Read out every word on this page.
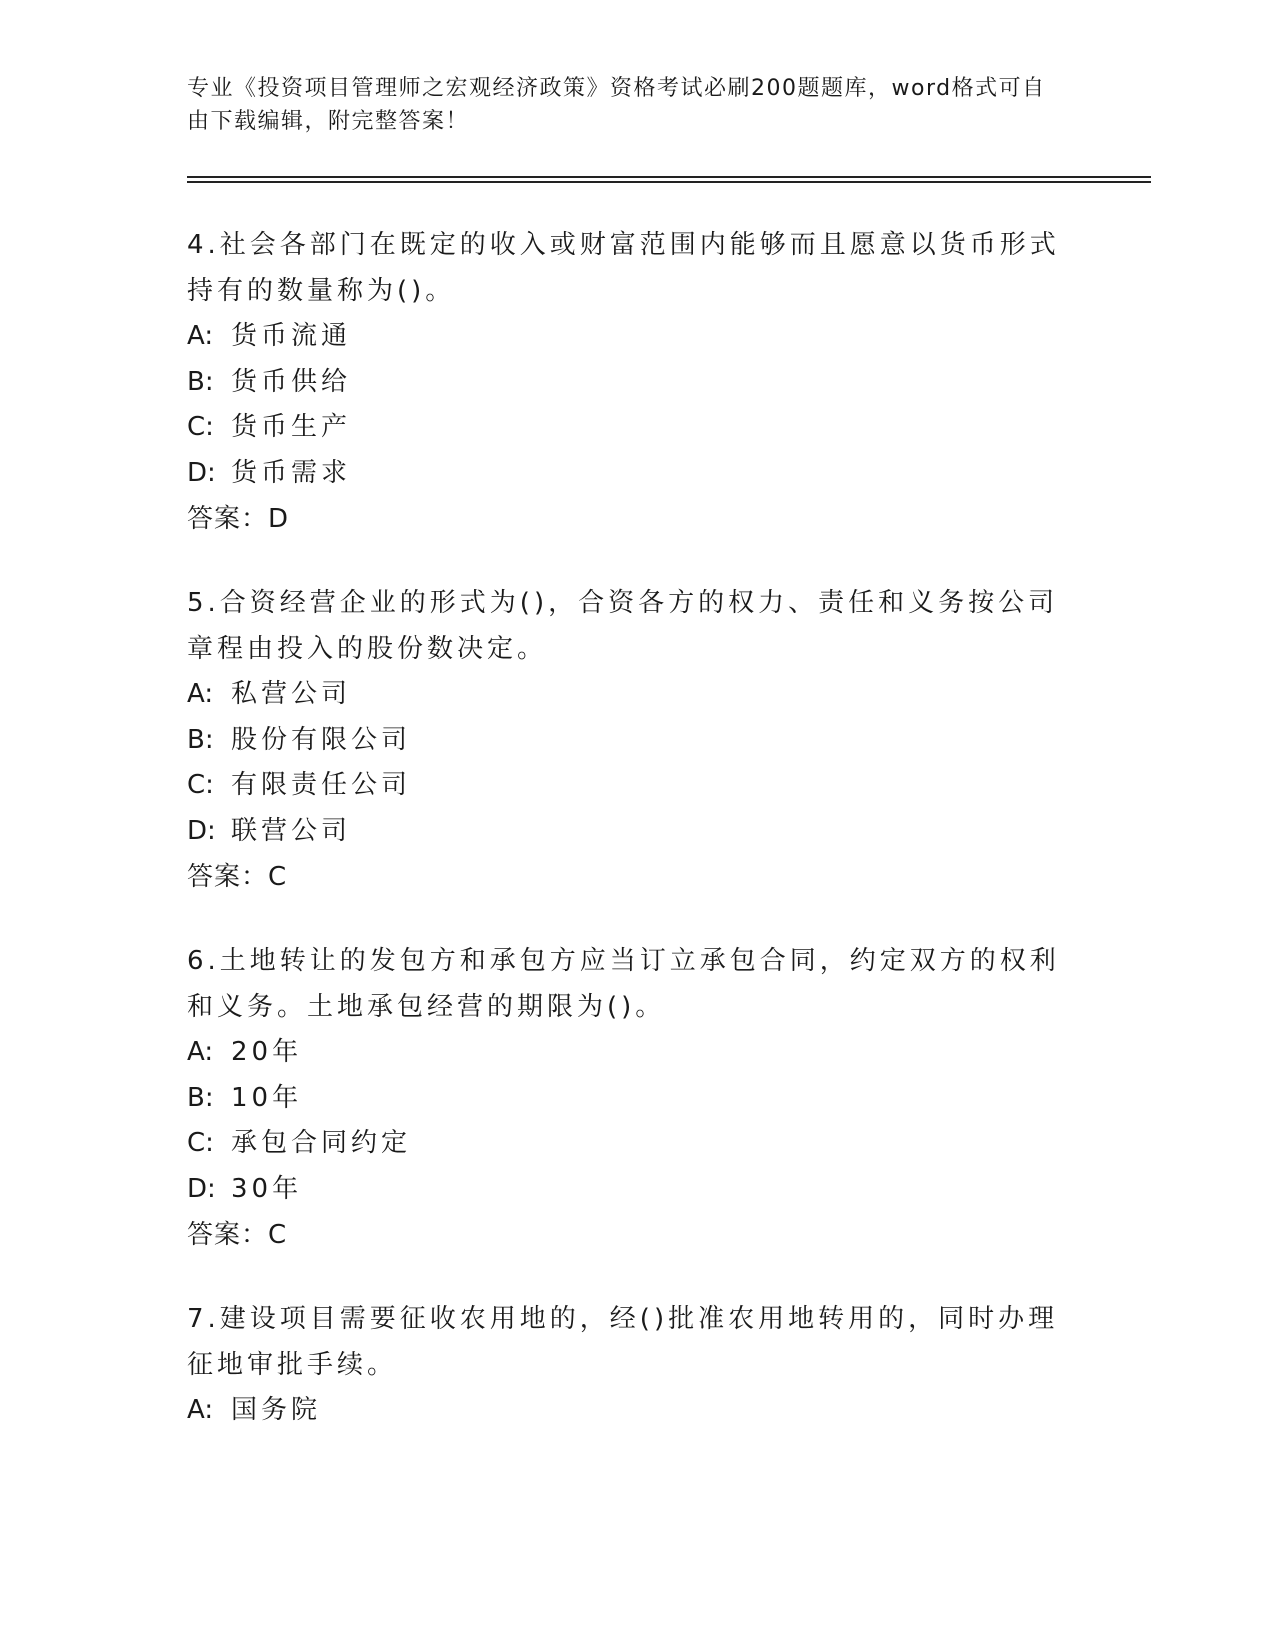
专业《投资项目管理师之宏观经济政策》资格考试必刷200题题库，word格式可自由下载编辑，附完整答案！
4.社会各部门在既定的收入或财富范围内能够而且愿意以货币形式持有的数量称为()。
A: 货币流通
B: 货币供给
C: 货币生产
D: 货币需求
答案：D
5.合资经营企业的形式为()，合资各方的权力、责任和义务按公司章程由投入的股份数决定。
A: 私营公司
B: 股份有限公司
C: 有限责任公司
D: 联营公司
答案：C
6.土地转让的发包方和承包方应当订立承包合同，约定双方的权利和义务。土地承包经营的期限为()。
A: 20年
B: 10年
C: 承包合同约定
D: 30年
答案：C
7.建设项目需要征收农用地的，经()批准农用地转用的，同时办理征地审批手续。
A: 国务院
